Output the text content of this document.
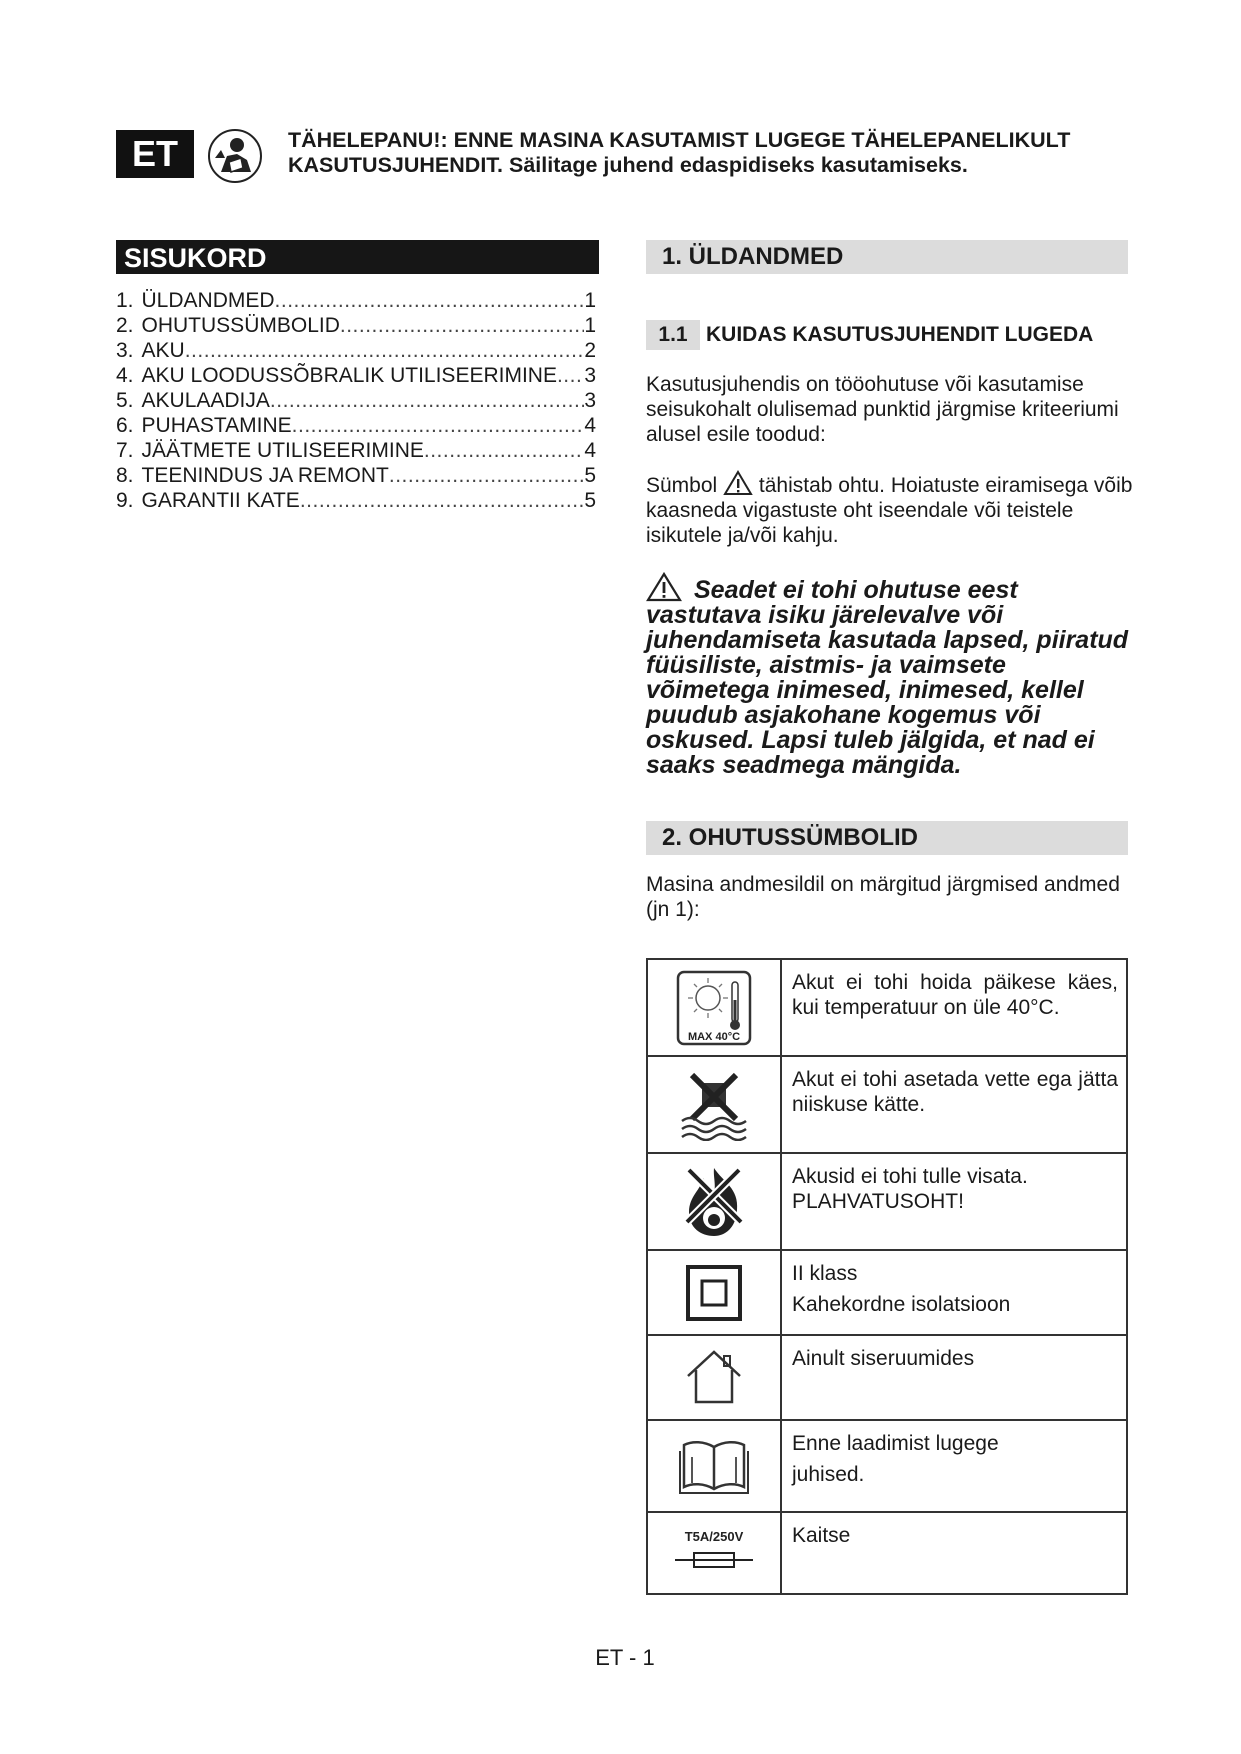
ET	TÄHELEPANU!: ENNE MASINA KASUTAMIST LUGEGE TÄHELEPANELIKULT
KASUTUSJUHENDIT. Säilitage juhend edaspidiseks kasutamiseks.
SISUKORD
1. ÜLDANDMED .....	1
2. OHUTUSSÜMBOLID .....	1
3. AKU .....	2
4. AKU LOODUSSÕBRALIK UTILISEERIMINE ..... 3
5. AKULAADIJA .....	3
6. PUHASTAMINE .....	4
7. JÄÄTMETE UTILISEERIMINE .....	4
8. TEENINDUS JA REMONT .....	5
9. GARANTII KATE .....	5
1. ÜLDANDMED
1.1 KUIDAS KASUTUSJUHENDIT LUGEDA
Kasutusjuhendis on tööohutuse või kasutamise seisukohalt olulisemad punktid järgmise kriteeriumi alusel esile toodud:
Sümbol tähistab ohtu. Hoiatuste eiramisega võib kaasneda vigastuste oht iseendale või teistele isikutele ja/või kahju.
Seadet ei tohi ohutuse eest vastutava isiku järelevalve või juhendamiseta kasutada lapsed, piiratud füüsiliste, aistmis- ja vaimsete võimetega inimesed, inimesed, kellel puudub asjakohane kogemus või oskused. Lapsi tuleb jälgida, et nad ei saaks seadmega mängida.
2. OHUTUSSÜMBOLID
Masina andmesildil on märgitud järgmised andmed (jn 1):
MAX 40°C	Akut ei tohi hoida päikese käes, kui temperatuur on üle 40°C.

Akut ei tohi asetada vette ega jätta niiskuse kätte.

Akusid ei tohi tulle visata.
PLAHVATUSOHT!

II klass
Kahekordne isolatsioon

Ainult siseruumides

Enne laadimist lugege
juhised.

T5A/250V	Kaitse
ET - 1
